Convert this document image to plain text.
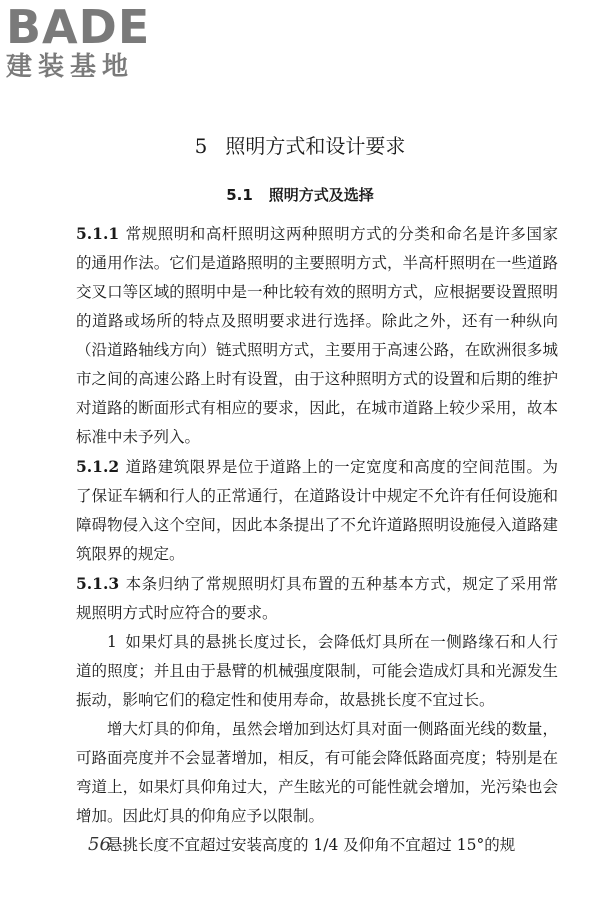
BADE
建装基地
5 照明方式和设计要求
5.1 照明方式及选择

5.1.1 常规照明和高杆照明这两种照明方式的分类和命名是许多国家的通用作法。它们是道路照明的主要照明方式，半高杆照明在一些道路交叉口等区域的照明中是一种比较有效的照明方式，应根据要设置照明的道路或场所的特点及照明要求进行选择。除此之外，还有一种纵向（沿道路轴线方向）链式照明方式，主要用于高速公路，在欧洲很多城市之间的高速公路上时有设置，由于这种照明方式的设置和后期的维护对道路的断面形式有相应的要求，因此，在城市道路上较少采用，故本标准中未予列入。

5.1.2 道路建筑限界是位于道路上的一定宽度和高度的空间范围。为了保证车辆和行人的正常通行，在道路设计中规定不允许有任何设施和障碍物侵入这个空间，因此本条提出了不允许道路照明设施侵入道路建筑限界的规定。

5.1.3 本条归纳了常规照明灯具布置的五种基本方式，规定了采用常规照明方式时应符合的要求。

1 如果灯具的悬挑长度过长，会降低灯具所在一侧路缘石和人行道的照度；并且由于悬臂的机械强度限制，可能会造成灯具和光源发生振动，影响它们的稳定性和使用寿命，故悬挑长度不宜过长。

增大灯具的仰角，虽然会增加到达灯具对面一侧路面光线的数量，可路面亮度并不会显著增加，相反，有可能会降低路面亮度；特别是在弯道上，如果灯具仰角过大，产生眩光的可能性就会增加，光污染也会增加。因此灯具的仰角应予以限制。

悬挑长度不宜超过安装高度的 1/4 及仰角不宜超过 15°的规

56
